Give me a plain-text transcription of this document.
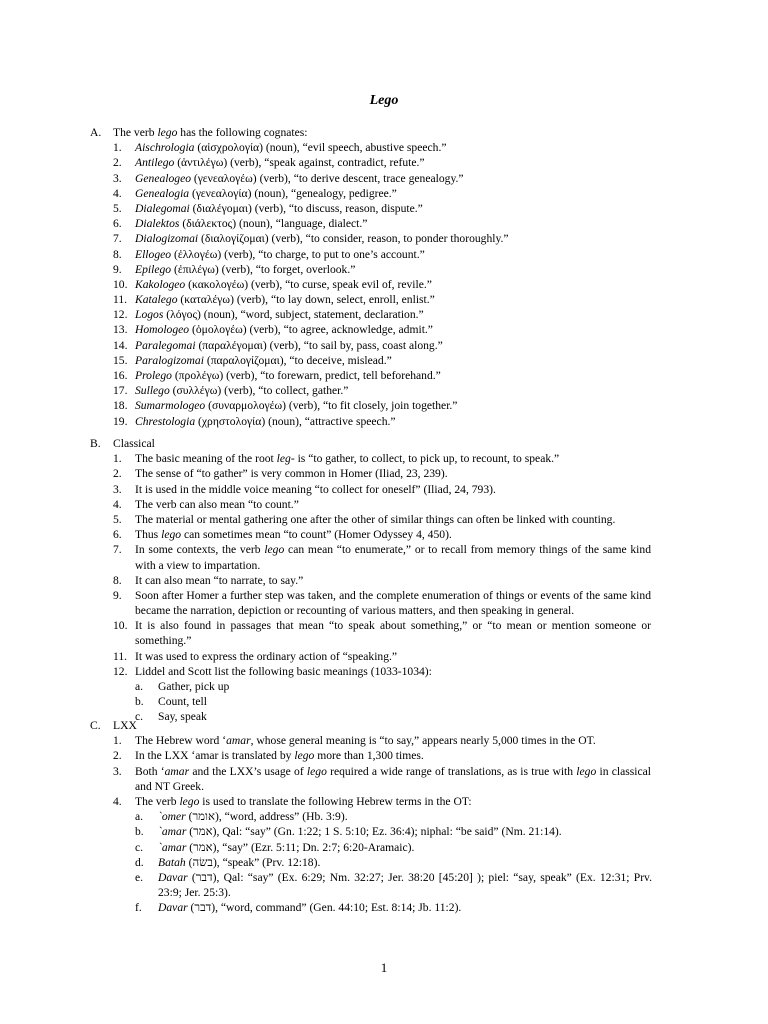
Lego
A. The verb lego has the following cognates:
1. Aischrologia (αἰσχρολογία) (noun), “evil speech, abustive speech.”
2. Antilego (ἀντιλέγω) (verb), “speak against, contradict, refute.”
3. Genealogeo (γενεαλογέω) (verb), “to derive descent, trace genealogy.”
4. Genealogia (γενεαλογία) (noun), “genealogy, pedigree.”
5. Dialegomai (διαλέγομαι) (verb), “to discuss, reason, dispute.”
6. Dialektos (διάλεκτος) (noun), “language, dialect.”
7. Dialogizomai (διαλογίζομαι) (verb), “to consider, reason, to ponder thoroughly.”
8. Ellogeo (ἐλλογέω) (verb), “to charge, to put to one’s account.”
9. Epilego (ἐπιλέγω) (verb), “to forget, overlook.”
10. Kakologeo (κακολογέω) (verb), “to curse, speak evil of, revile.”
11. Katalego (καταλέγω) (verb), “to lay down, select, enroll, enlist.”
12. Logos (λόγος) (noun), “word, subject, statement, declaration.”
13. Homologeo (ὁμολογέω) (verb), “to agree, acknowledge, admit.”
14. Paralegomai (παραλέγομαι) (verb), “to sail by, pass, coast along.”
15. Paralogizomai (παραλογίζομαι), “to deceive, mislead.”
16. Prolego (προλέγω) (verb), “to forewarn, predict, tell beforehand.”
17. Sullego (συλλέγω) (verb), “to collect, gather.”
18. Sumarmologeo (συναρμολογέω) (verb), “to fit closely, join together.”
19. Chrestologia (χρηστολογία) (noun), “attractive speech.”
B. Classical
1. The basic meaning of the root leg- is “to gather, to collect, to pick up, to recount, to speak.”
2. The sense of “to gather” is very common in Homer (Iliad, 23, 239).
3. It is used in the middle voice meaning “to collect for oneself” (Iliad, 24, 793).
4. The verb can also mean “to count.”
5. The material or mental gathering one after the other of similar things can often be linked with counting.
6. Thus lego can sometimes mean “to count” (Homer Odyssey 4, 450).
7. In some contexts, the verb lego can mean “to enumerate,” or to recall from memory things of the same kind with a view to impartation.
8. It can also mean “to narrate, to say.”
9. Soon after Homer a further step was taken, and the complete enumeration of things or events of the same kind became the narration, depiction or recounting of various matters, and then speaking in general.
10. It is also found in passages that mean “to speak about something,” or “to mean or mention someone or something.”
11. It was used to express the ordinary action of “speaking.”
12. Liddel and Scott list the following basic meanings (1033-1034):
a. Gather, pick up
b. Count, tell
c. Say, speak
C. LXX
1. The Hebrew word ‘amar, whose general meaning is “to say,” appears nearly 5,000 times in the OT.
2. In the LXX ‘amar is translated by lego more than 1,300 times.
3. Both ‘amar and the LXX’s usage of lego required a wide range of translations, as is true with lego in classical and NT Greek.
4. The verb lego is used to translate the following Hebrew terms in the OT:
a. `omer (אומר), “word, address” (Hb. 3:9).
b. `amar (אמר), Qal: “say” (Gn. 1:22; 1 S. 5:10; Ez. 36:4); niphal: “be said” (Nm. 21:14).
c. `amar (אמר), “say” (Ezr. 5:11; Dn. 2:7; 6:20-Aramaic).
d. Batah (בשׂה), “speak” (Prv. 12:18).
e. Davar (דבר), Qal: “say” (Ex. 6:29; Nm. 32:27; Jer. 38:20 [45:20] ); piel: “say, speak” (Ex. 12:31; Prv. 23:9; Jer. 25:3).
f. Davar (דבר), “word, command” (Gen. 44:10; Est. 8:14; Jb. 11:2).
1
